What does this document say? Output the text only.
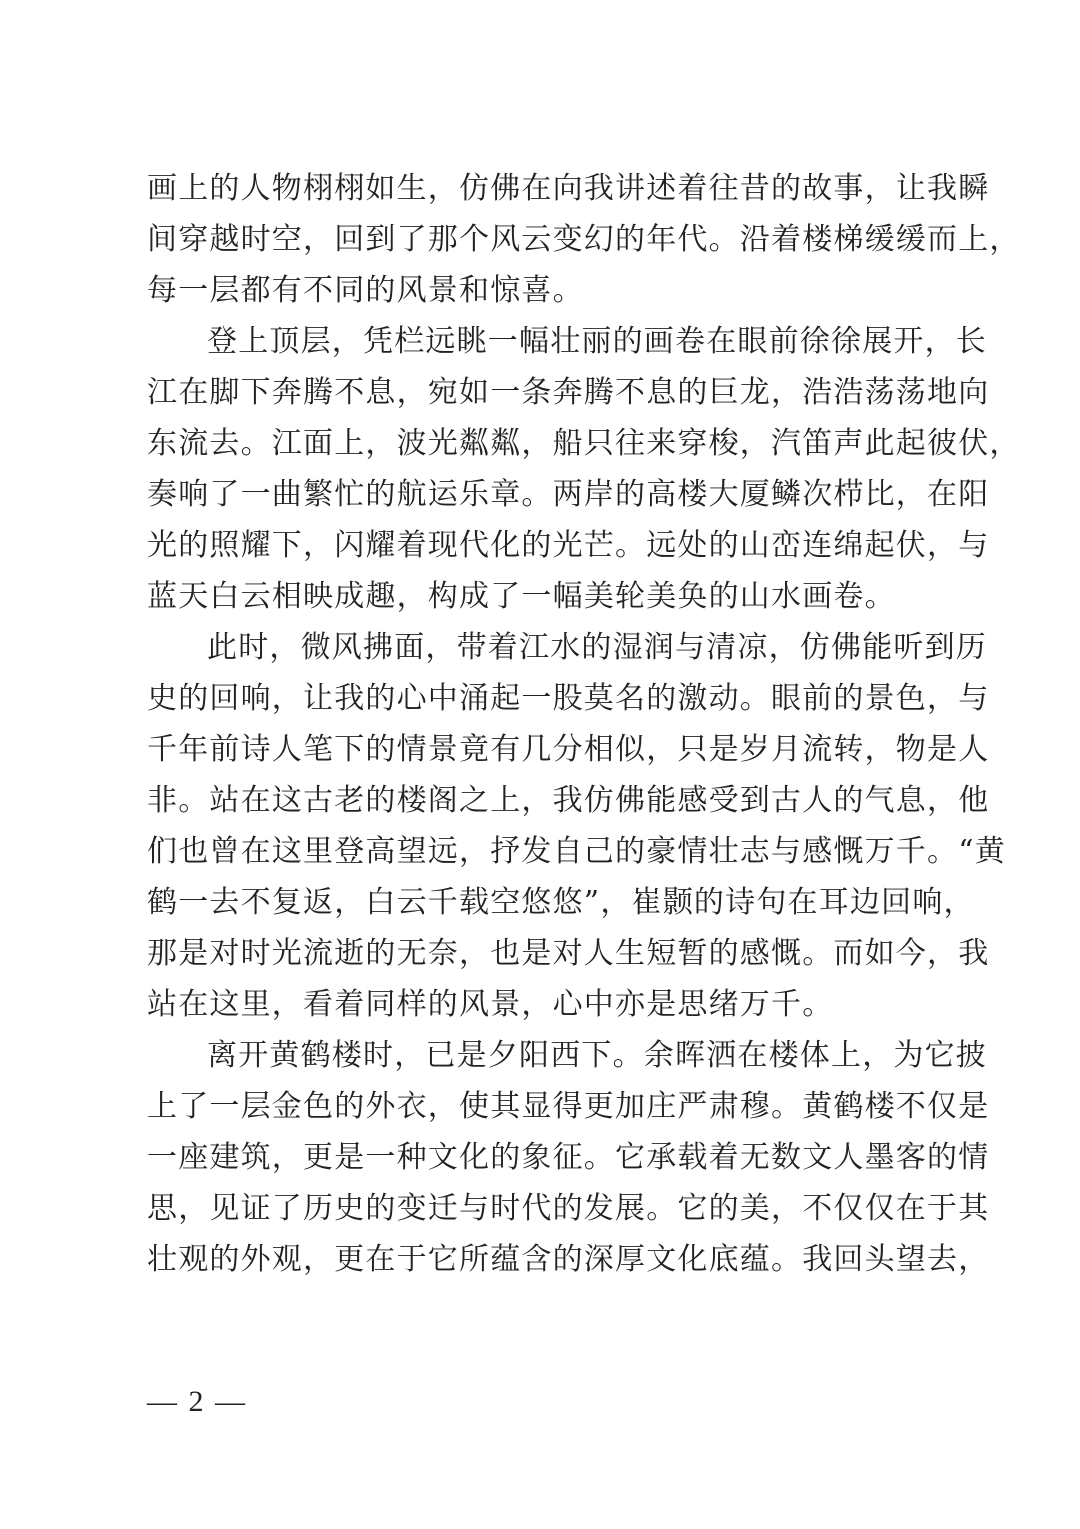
画上的人物栩栩如生，仿佛在向我讲述着往昔的故事，让我瞬
间穿越时空，回到了那个风云变幻的年代。沿着楼梯缓缓而上，
每一层都有不同的风景和惊喜。
登上顶层，凭栏远眺一幅壮丽的画卷在眼前徐徐展开，长
江在脚下奔腾不息，宛如一条奔腾不息的巨龙，浩浩荡荡地向
东流去。江面上，波光粼粼，船只往来穿梭，汽笛声此起彼伏，
奏响了一曲繁忙的航运乐章。两岸的高楼大厦鳞次栉比，在阳
光的照耀下，闪耀着现代化的光芒。远处的山峦连绵起伏，与
蓝天白云相映成趣，构成了一幅美轮美奂的山水画卷。
此时，微风拂面，带着江水的湿润与清凉，仿佛能听到历
史的回响，让我的心中涌起一股莫名的激动。眼前的景色，与
千年前诗人笔下的情景竟有几分相似，只是岁月流转，物是人
非。站在这古老的楼阁之上，我仿佛能感受到古人的气息，他
们也曾在这里登高望远，抒发自己的豪情壮志与感慨万千。“黄
鹤一去不复返，白云千载空悠悠”，崔颢的诗句在耳边回响，
那是对时光流逝的无奈，也是对人生短暂的感慨。而如今，我
站在这里，看着同样的风景，心中亦是思绪万千。
离开黄鹤楼时，已是夕阳西下。余晖洒在楼体上，为它披
上了一层金色的外衣，使其显得更加庄严肃穆。黄鹤楼不仅是
一座建筑，更是一种文化的象征。它承载着无数文人墨客的情
思，见证了历史的变迁与时代的发展。它的美，不仅仅在于其
壮观的外观，更在于它所蕴含的深厚文化底蕴。我回头望去，
— 2 —
